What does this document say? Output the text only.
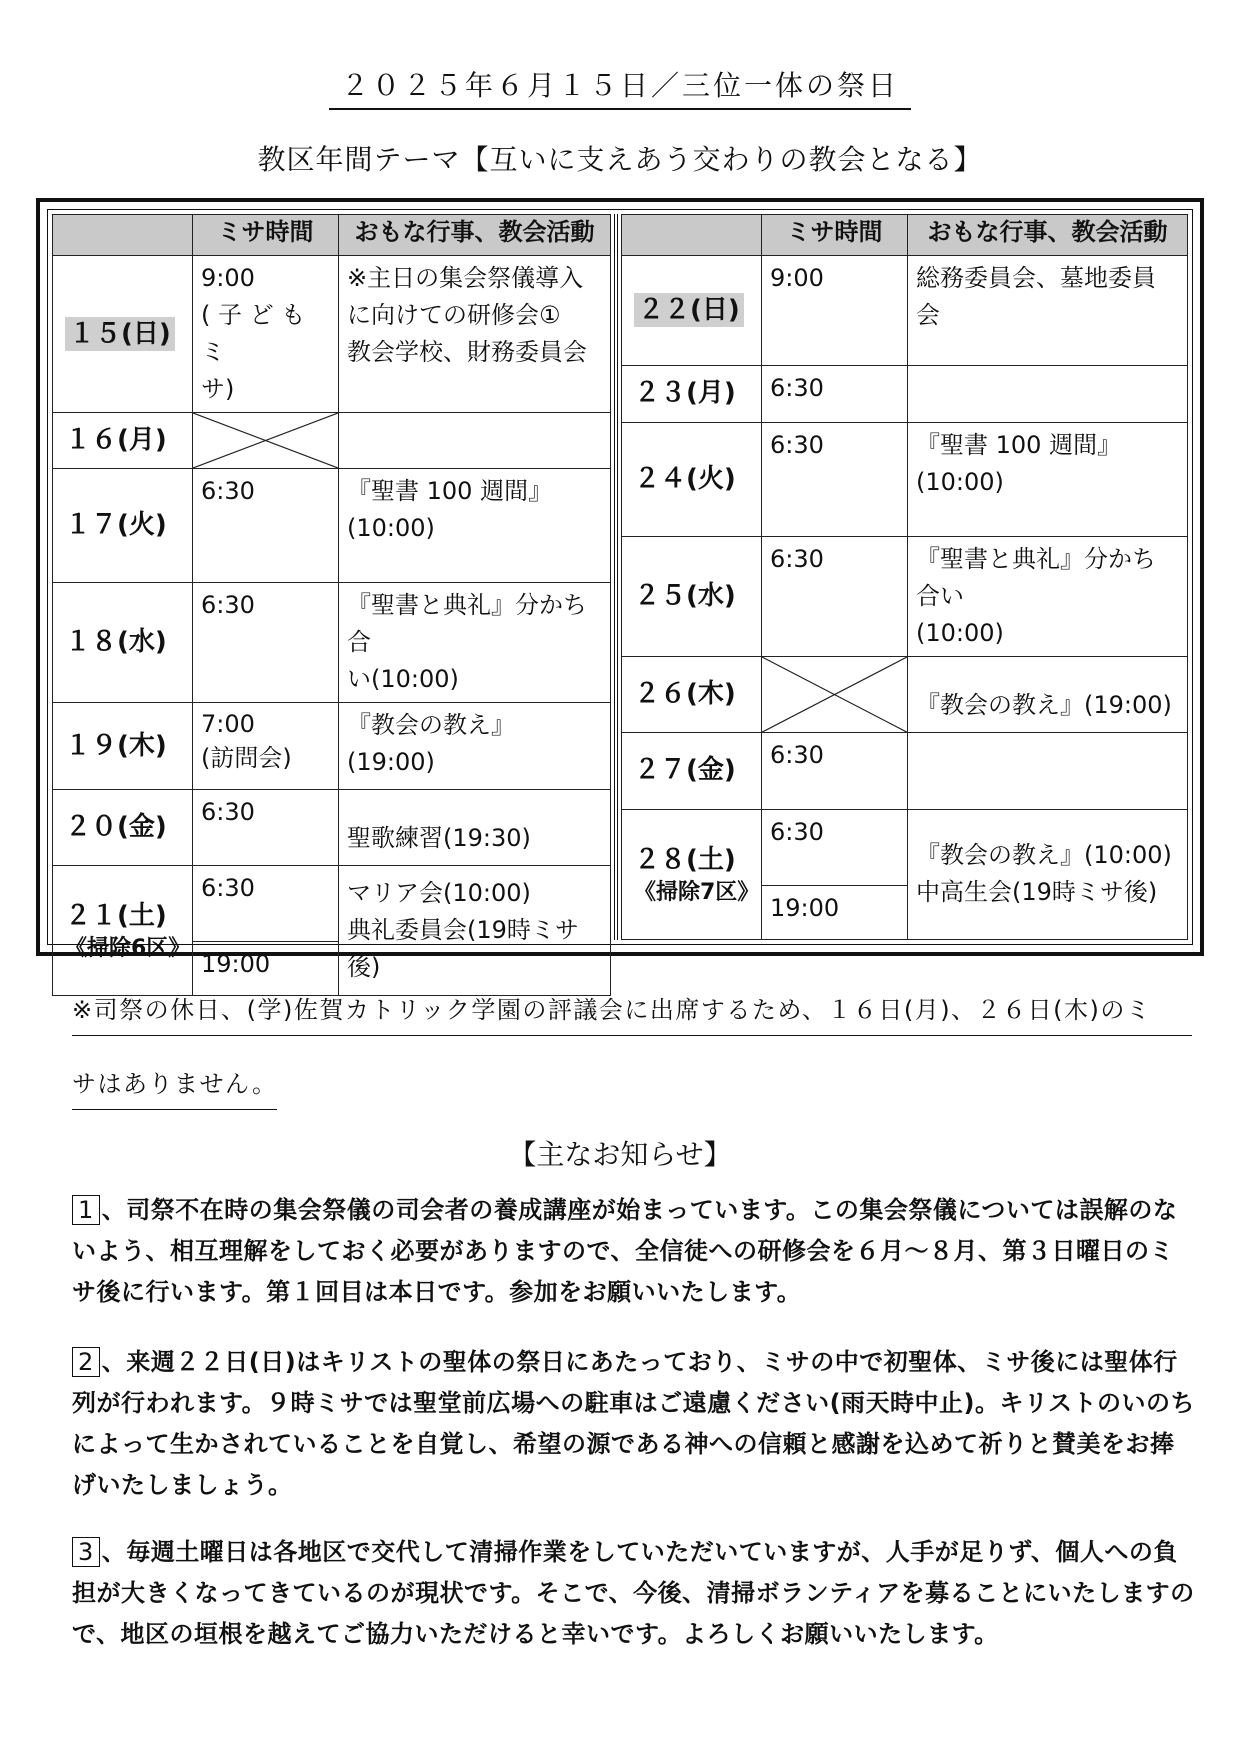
２０２５年６月１５日／三位一体の祭日
教区年間テーマ【互いに支えあう交わりの教会となる】
	ミサ時間	おもな行事、教会活動
１５(日)	9:00
( 子 ど も ミ
サ)	※主日の集会祭儀導入
に向けての研修会①
教会学校、財務委員会
１６(月)	

１７(火)	6:30	『聖書 100 週間』
(10:00)
１８(水)	6:30	『聖書と典礼』分かち合
い(10:00)
１９(木)	7:00
(訪問会)	『教会の教え』(19:00)
２０(金)	6:30	聖歌練習(19:30)
２１(土)
《掃除6区》	6:30	マリア会(10:00)
典礼委員会(19時ミサ
後)
	19:00	
	ミサ時間	おもな行事、教会活動
２２(日)	9:00	総務委員会、墓地委員会
２３(月)	6:30	
２４(火)	6:30	『聖書 100 週間』
(10:00)
２５(水)	6:30	『聖書と典礼』分かち合い
(10:00)
２６(木)		『教会の教え』(19:00)
２７(金)	6:30	
２８(土)
《掃除7区》	6:30	『教会の教え』(10:00)
中高生会(19時ミサ後)
	19:00	
※司祭の休日、(学)佐賀カトリック学園の評議会に出席するため、１６日(月)、２６日(木)のミ
サはありません。
【主なお知らせ】

1 、司祭不在時の集会祭儀の司会者の養成講座が始まっています。この集会祭儀については誤解のないよう、相互理解をしておく必要がありますので、全信徒への研修会を６月～８月、第３日曜日のミサ後に行います。第１回目は本日です。参加をお願いいたします。

2 、来週２２日(日)はキリストの聖体の祭日にあたっており、ミサの中で初聖体、ミサ後には聖体行列が行われます。９時ミサでは聖堂前広場への駐車はご遠慮ください(雨天時中止)。キリストのいのちによって生かされていることを自覚し、希望の源である神への信頼と感謝を込めて祈りと賛美をお捧げいたしましょう。

3 、毎週土曜日は各地区で交代して清掃作業をしていただいていますが、人手が足りず、個人への負担が大きくなってきているのが現状です。そこで、今後、清掃ボランティアを募ることにいたしますので、地区の垣根を越えてご協力いただけると幸いです。よろしくお願いいたします。
